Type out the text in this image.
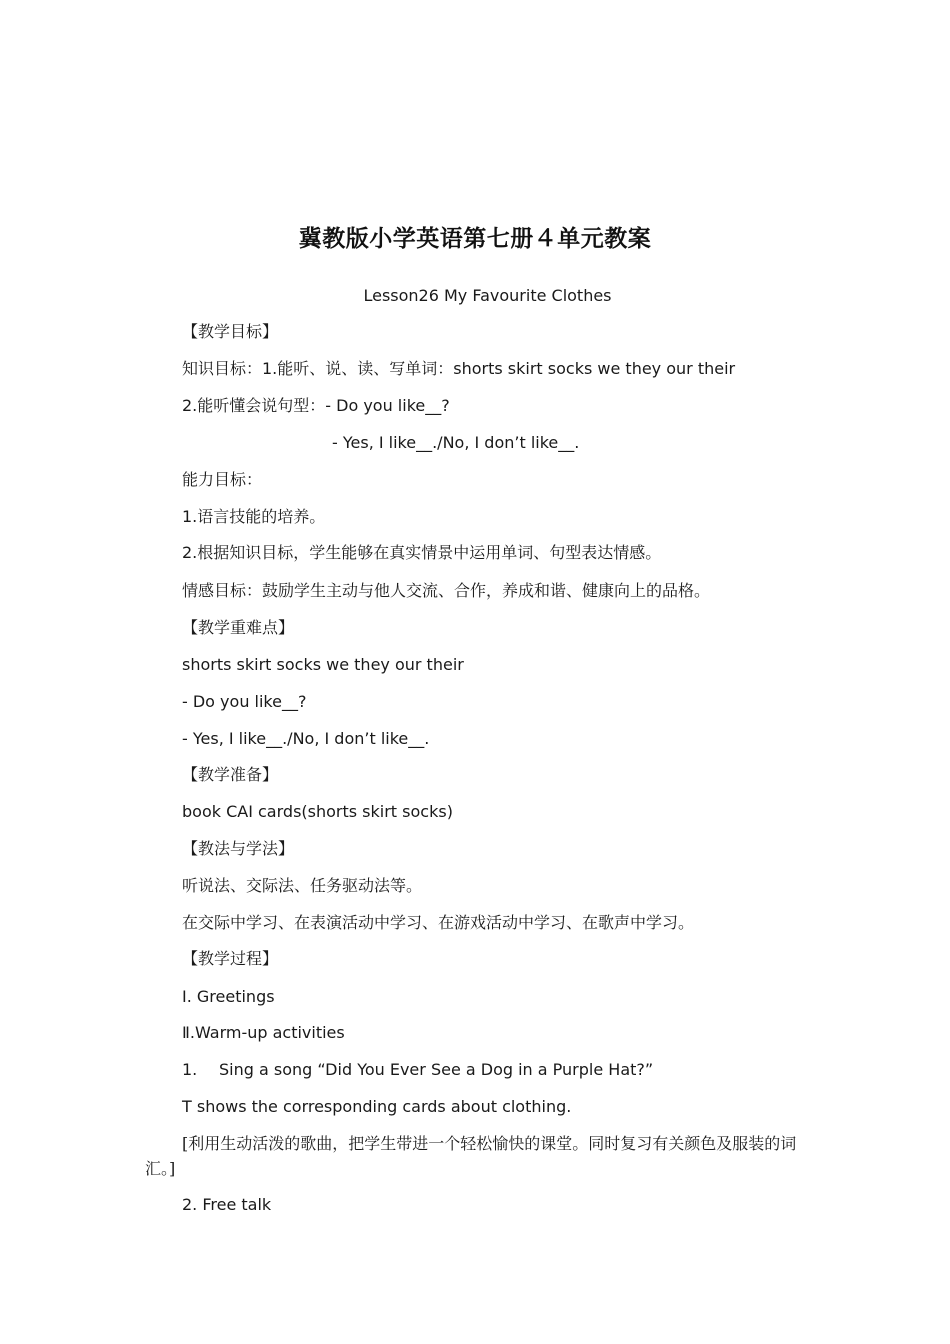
冀教版小学英语第七册４单元教案
Lesson26 My Favourite Clothes
【教学目标】
知识目标：1.能听、说、读、写单词：shorts skirt socks we they our their
2.能听懂会说句型：- Do you like__?
- Yes, I like__./No, I don’t like__.
能力目标：
1.语言技能的培养。
2.根据知识目标，学生能够在真实情景中运用单词、句型表达情感。
情感目标：鼓励学生主动与他人交流、合作，养成和谐、健康向上的品格。
【教学重难点】
shorts skirt socks we they our their
- Do you like__?
- Yes, I like__./No, I don’t like__.
【教学准备】
book CAI cards(shorts skirt socks)
【教法与学法】
听说法、交际法、任务驱动法等。
在交际中学习、在表演活动中学习、在游戏活动中学习、在歌声中学习。
【教学过程】
Ⅰ. Greetings
Ⅱ.Warm-up activities
1. Sing a song “Did You Ever See a Dog in a Purple Hat?”
T shows the corresponding cards about clothing.
[利用生动活泼的歌曲，把学生带进一个轻松愉快的课堂。同时复习有关颜色及服装的词汇。]
2. Free talk
